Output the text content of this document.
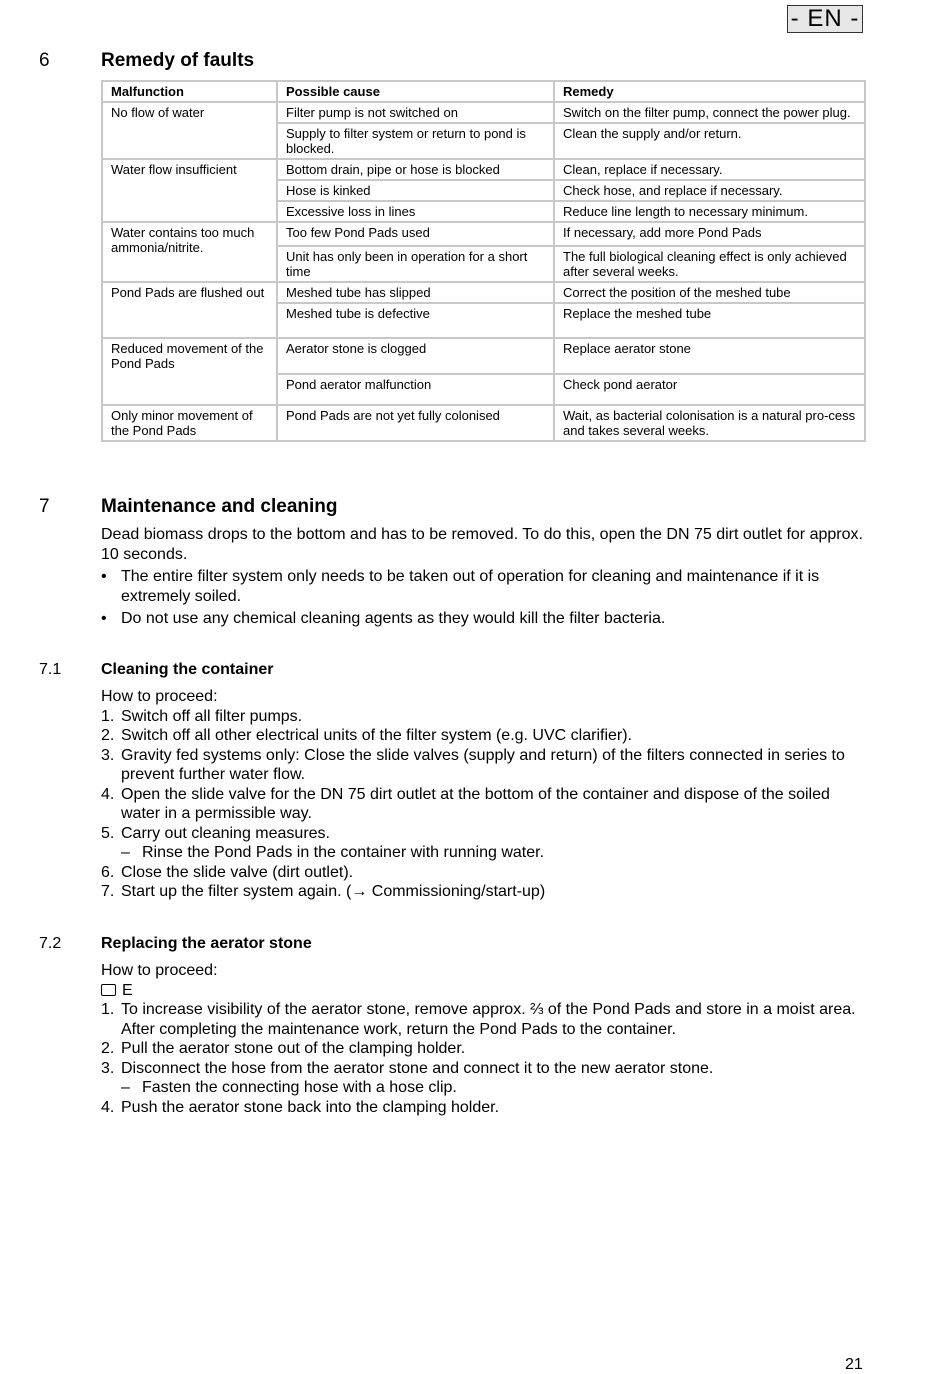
- EN -
6	Remedy of faults
Malfunction	Possible cause	Remedy
No flow of water	Filter pump is not switched on	Switch on the filter pump, connect the power plug.
	Supply to filter system or return to pond is blocked.	Clean the supply and/or return.
Water flow insufficient	Bottom drain, pipe or hose is blocked	Clean, replace if necessary.
	Hose is kinked	Check hose, and replace if necessary.
	Excessive loss in lines	Reduce line length to necessary minimum.
Water contains too much ammonia/nitrite.	Too few Pond Pads used	If necessary, add more Pond Pads
	Unit has only been in operation for a short time	The full biological cleaning effect is only achieved after several weeks.
Pond Pads are flushed out	Meshed tube has slipped	Correct the position of the meshed tube
	Meshed tube is defective	Replace the meshed tube
Reduced movement of the Pond Pads	Aerator stone is clogged	Replace aerator stone
	Pond aerator malfunction	Check pond aerator
Only minor movement of the Pond Pads	Pond Pads are not yet fully colonised	Wait, as bacterial colonisation is a natural pro-cess and takes several weeks.
7	Maintenance and cleaning

Dead biomass drops to the bottom and has to be removed. To do this, open the DN 75 dirt outlet for approx. 10 seconds.

• The entire filter system only needs to be taken out of operation for cleaning and maintenance if it is extremely soiled.
• Do not use any chemical cleaning agents as they would kill the filter bacteria.
7.1 Cleaning the container

How to proceed:

1. Switch off all filter pumps.
2. Switch off all other electrical units of the filter system (e.g. UVC clarifier).
3. Gravity fed systems only: Close the slide valves (supply and return) of the filters connected in series to prevent further water flow.
4. Open the slide valve for the DN 75 dirt outlet at the bottom of the container and dispose of the soiled water in a permissible way.
5. Carry out cleaning measures.
– Rinse the Pond Pads in the container with running water.
6. Close the slide valve (dirt outlet).
7. Start up the filter system again. (→ Commissioning/start-up)
7.2 Replacing the aerator stone

How to proceed:

E

1. To increase visibility of the aerator stone, remove approx. ⅔ of the Pond Pads and store in a moist area. After completing the maintenance work, return the Pond Pads to the container.
2. Pull the aerator stone out of the clamping holder.
3. Disconnect the hose from the aerator stone and connect it to the new aerator stone.
– Fasten the connecting hose with a hose clip.
4. Push the aerator stone back into the clamping holder.
21
